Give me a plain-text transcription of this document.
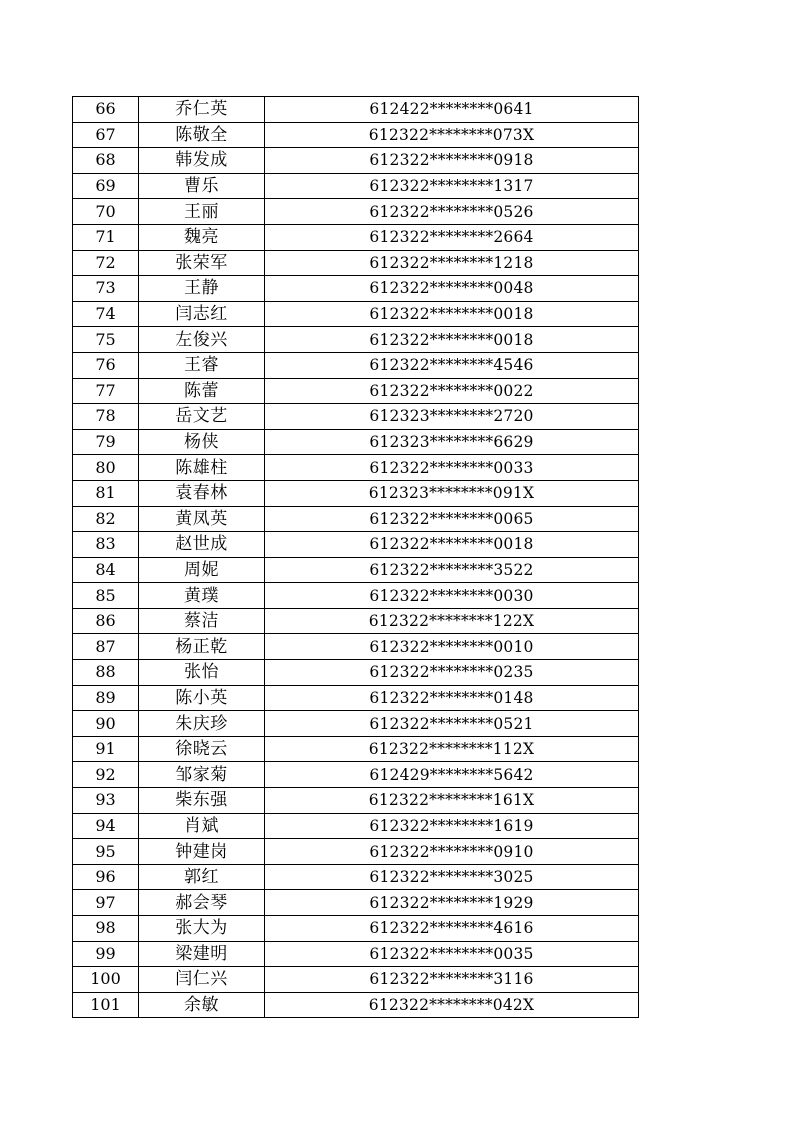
66	乔仁英	612422********0641
67	陈敬全	612322********073X
68	韩发成	612322********0918
69	曹乐	612322********1317
70	王丽	612322********0526
71	魏亮	612322********2664
72	张荣军	612322********1218
73	王静	612322********0048
74	闫志红	612322********0018
75	左俊兴	612322********0018
76	王睿	612322********4546
77	陈蕾	612322********0022
78	岳文艺	612323********2720
79	杨侠	612323********6629
80	陈雄柱	612322********0033
81	袁春林	612323********091X
82	黄凤英	612322********0065
83	赵世成	612322********0018
84	周妮	612322********3522
85	黄璞	612322********0030
86	蔡洁	612322********122X
87	杨正乾	612322********0010
88	张怡	612322********0235
89	陈小英	612322********0148
90	朱庆珍	612322********0521
91	徐晓云	612322********112X
92	邹家菊	612429********5642
93	柴东强	612322********161X
94	肖斌	612322********1619
95	钟建岗	612322********0910
96	郭红	612322********3025
97	郝会琴	612322********1929
98	张大为	612322********4616
99	梁建明	612322********0035
100	闫仁兴	612322********3116
101	余敏	612322********042X
